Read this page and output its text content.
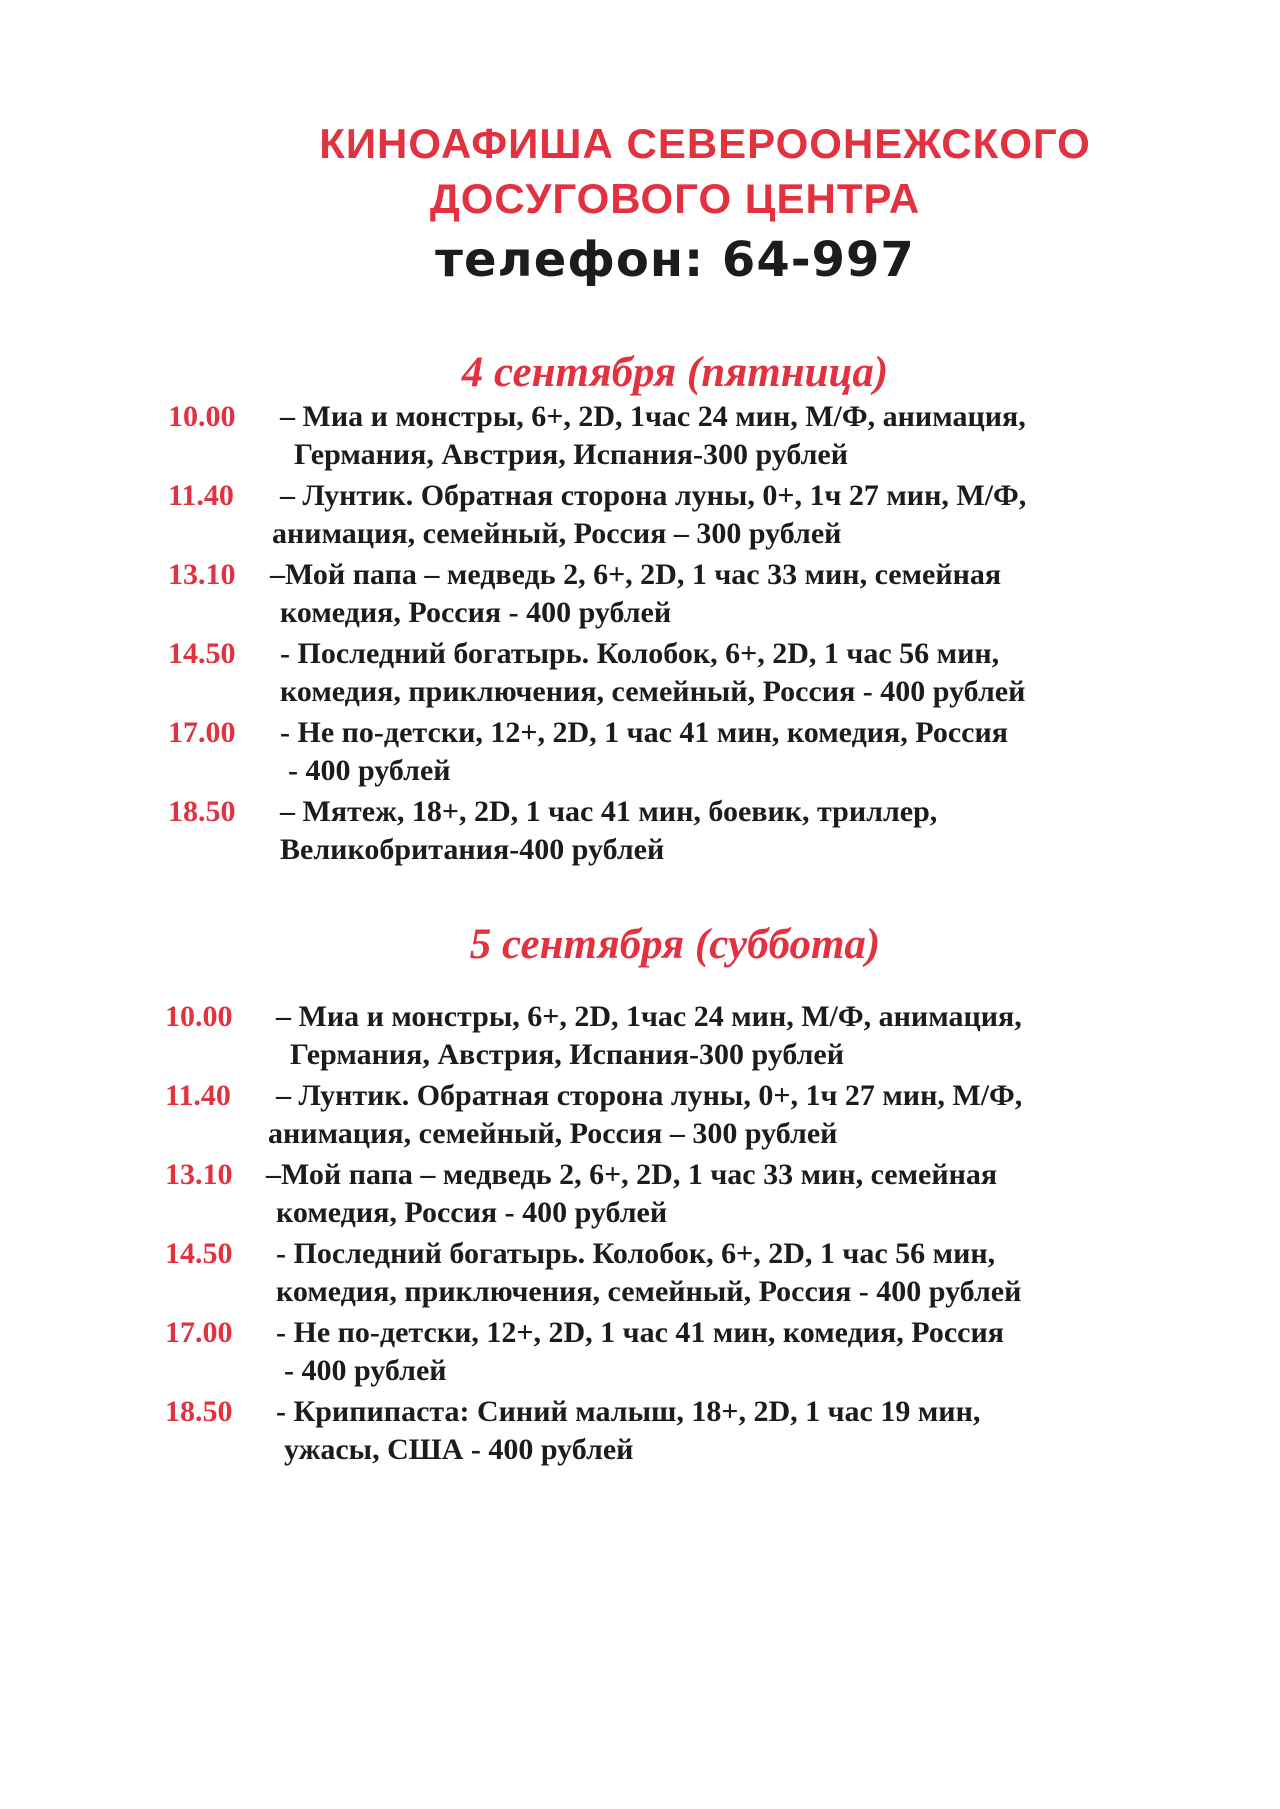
КИНОАФИША СЕВЕРООНЕЖСКОГО
ДОСУГОВОГО ЦЕНТРА
телефон: 64-997
4 сентября (пятница)
10.00 – Миа и монстры, 6+, 2D, 1час 24 мин, М/Ф, анимация,
Германия, Австрия, Испания-300 рублей
11.40 – Лунтик. Обратная сторона луны, 0+, 1ч 27 мин, М/Ф,
анимация, семейный, Россия – 300 рублей
13.10 –Мой папа – медведь 2, 6+, 2D, 1 час 33 мин, семейная
комедия, Россия - 400 рублей
14.50 - Последний богатырь. Колобок, 6+, 2D, 1 час 56 мин,
комедия, приключения, семейный, Россия - 400 рублей
17.00 - Не по-детски, 12+, 2D, 1 час 41 мин, комедия, Россия
- 400 рублей
18.50 – Мятеж, 18+, 2D, 1 час 41 мин, боевик, триллер,
Великобритания-400 рублей
5 сентября (суббота)
10.00 – Миа и монстры, 6+, 2D, 1час 24 мин, М/Ф, анимация,
Германия, Австрия, Испания-300 рублей
11.40 – Лунтик. Обратная сторона луны, 0+, 1ч 27 мин, М/Ф,
анимация, семейный, Россия – 300 рублей
13.10 –Мой папа – медведь 2, 6+, 2D, 1 час 33 мин, семейная
комедия, Россия - 400 рублей
14.50 - Последний богатырь. Колобок, 6+, 2D, 1 час 56 мин,
комедия, приключения, семейный, Россия - 400 рублей
17.00 - Не по-детски, 12+, 2D, 1 час 41 мин, комедия, Россия
- 400 рублей
18.50 - Крипипаста: Синий малыш, 18+, 2D, 1 час 19 мин,
ужасы, США - 400 рублей
